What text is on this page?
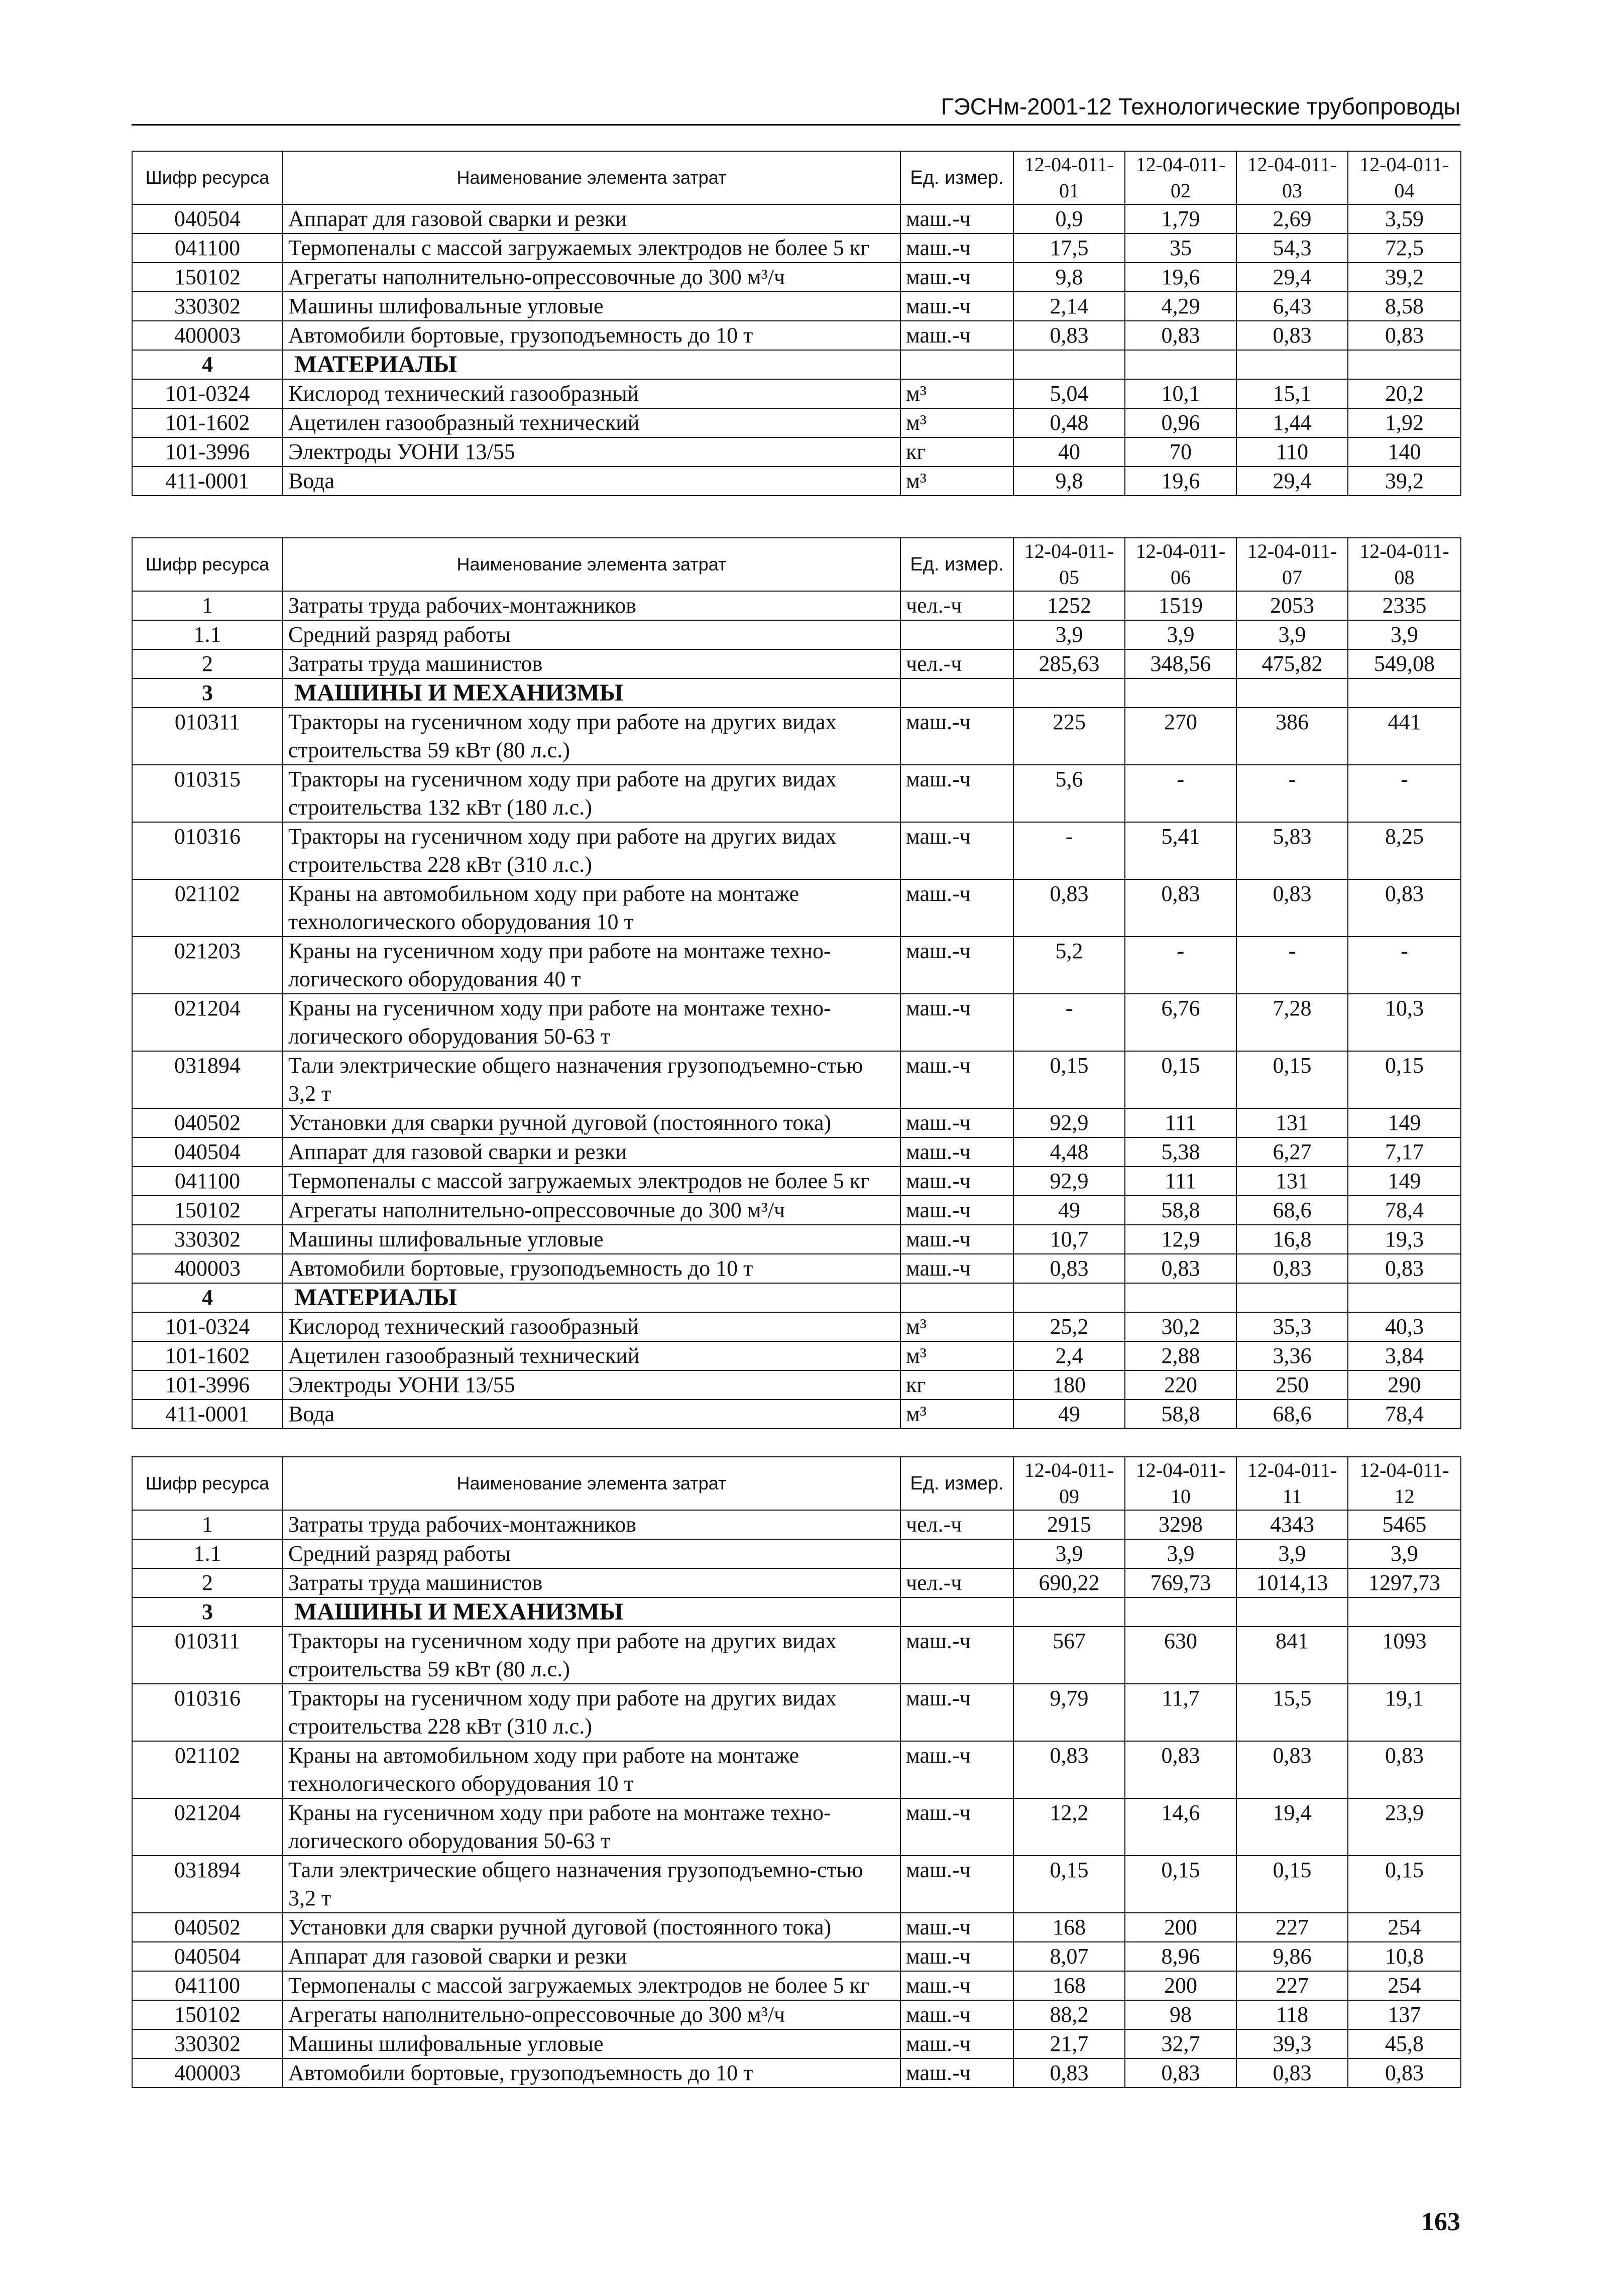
ГЭСНм-2001-12 Технологические трубопроводы
Шифр ресурса	Наименование элемента затрат	Ед. измер.	12-04-011-01	12-04-011-02	12-04-011-03	12-04-011-04
040504	Аппарат для газовой сварки и резки	маш.-ч	0,9	1,79	2,69	3,59
041100	Термопеналы с массой загружаемых электродов не более 5 кг	маш.-ч	17,5	35	54,3	72,5
150102	Агрегаты наполнительно-опрессовочные до 300 м³/ч	маш.-ч	9,8	19,6	29,4	39,2
330302	Машины шлифовальные угловые	маш.-ч	2,14	4,29	6,43	8,58
400003	Автомобили бортовые, грузоподъемность до 10 т	маш.-ч	0,83	0,83	0,83	0,83
4	МАТЕРИАЛЫ					
101-0324	Кислород технический газообразный	м³	5,04	10,1	15,1	20,2
101-1602	Ацетилен газообразный технический	м³	0,48	0,96	1,44	1,92
101-3996	Электроды УОНИ 13/55	кг	40	70	110	140
411-0001	Вода	м³	9,8	19,6	29,4	39,2
Шифр ресурса	Наименование элемента затрат	Ед. измер.	12-04-011-05	12-04-011-06	12-04-011-07	12-04-011-08
1	Затраты труда рабочих-монтажников	чел.-ч	1252	1519	2053	2335
1.1	Средний разряд работы		3,9	3,9	3,9	3,9
2	Затраты труда машинистов	чел.-ч	285,63	348,56	475,82	549,08
3	МАШИНЫ И МЕХАНИЗМЫ					
010311	Тракторы на гусеничном ходу при работе на других видах строительства 59 кВт (80 л.с.)	маш.-ч	225	270	386	441
010315	Тракторы на гусеничном ходу при работе на других видах строительства 132 кВт (180 л.с.)	маш.-ч	5,6	-	-	-
010316	Тракторы на гусеничном ходу при работе на других видах строительства 228 кВт (310 л.с.)	маш.-ч	-	5,41	5,83	8,25
021102	Краны на автомобильном ходу при работе на монтаже технологического оборудования 10 т	маш.-ч	0,83	0,83	0,83	0,83
021203	Краны на гусеничном ходу при работе на монтаже техно-логического оборудования 40 т	маш.-ч	5,2	-	-	-
021204	Краны на гусеничном ходу при работе на монтаже техно-логического оборудования 50-63 т	маш.-ч	-	6,76	7,28	10,3
031894	Тали электрические общего назначения грузоподъемно-стью 3,2 т	маш.-ч	0,15	0,15	0,15	0,15
040502	Установки для сварки ручной дуговой (постоянного тока)	маш.-ч	92,9	111	131	149
040504	Аппарат для газовой сварки и резки	маш.-ч	4,48	5,38	6,27	7,17
041100	Термопеналы с массой загружаемых электродов не более 5 кг	маш.-ч	92,9	111	131	149
150102	Агрегаты наполнительно-опрессовочные до 300 м³/ч	маш.-ч	49	58,8	68,6	78,4
330302	Машины шлифовальные угловые	маш.-ч	10,7	12,9	16,8	19,3
400003	Автомобили бортовые, грузоподъемность до 10 т	маш.-ч	0,83	0,83	0,83	0,83
4	МАТЕРИАЛЫ					
101-0324	Кислород технический газообразный	м³	25,2	30,2	35,3	40,3
101-1602	Ацетилен газообразный технический	м³	2,4	2,88	3,36	3,84
101-3996	Электроды УОНИ 13/55	кг	180	220	250	290
411-0001	Вода	м³	49	58,8	68,6	78,4
Шифр ресурса	Наименование элемента затрат	Ед. измер.	12-04-011-09	12-04-011-10	12-04-011-11	12-04-011-12
1	Затраты труда рабочих-монтажников	чел.-ч	2915	3298	4343	5465
1.1	Средний разряд работы		3,9	3,9	3,9	3,9
2	Затраты труда машинистов	чел.-ч	690,22	769,73	1014,13	1297,73
3	МАШИНЫ И МЕХАНИЗМЫ					
010311	Тракторы на гусеничном ходу при работе на других видах строительства 59 кВт (80 л.с.)	маш.-ч	567	630	841	1093
010316	Тракторы на гусеничном ходу при работе на других видах строительства 228 кВт (310 л.с.)	маш.-ч	9,79	11,7	15,5	19,1
021102	Краны на автомобильном ходу при работе на монтаже технологического оборудования 10 т	маш.-ч	0,83	0,83	0,83	0,83
021204	Краны на гусеничном ходу при работе на монтаже техно-логического оборудования 50-63 т	маш.-ч	12,2	14,6	19,4	23,9
031894	Тали электрические общего назначения грузоподъемно-стью 3,2 т	маш.-ч	0,15	0,15	0,15	0,15
040502	Установки для сварки ручной дуговой (постоянного тока)	маш.-ч	168	200	227	254
040504	Аппарат для газовой сварки и резки	маш.-ч	8,07	8,96	9,86	10,8
041100	Термопеналы с массой загружаемых электродов не более 5 кг	маш.-ч	168	200	227	254
150102	Агрегаты наполнительно-опрессовочные до 300 м³/ч	маш.-ч	88,2	98	118	137
330302	Машины шлифовальные угловые	маш.-ч	21,7	32,7	39,3	45,8
400003	Автомобили бортовые, грузоподъемность до 10 т	маш.-ч	0,83	0,83	0,83	0,83
163
